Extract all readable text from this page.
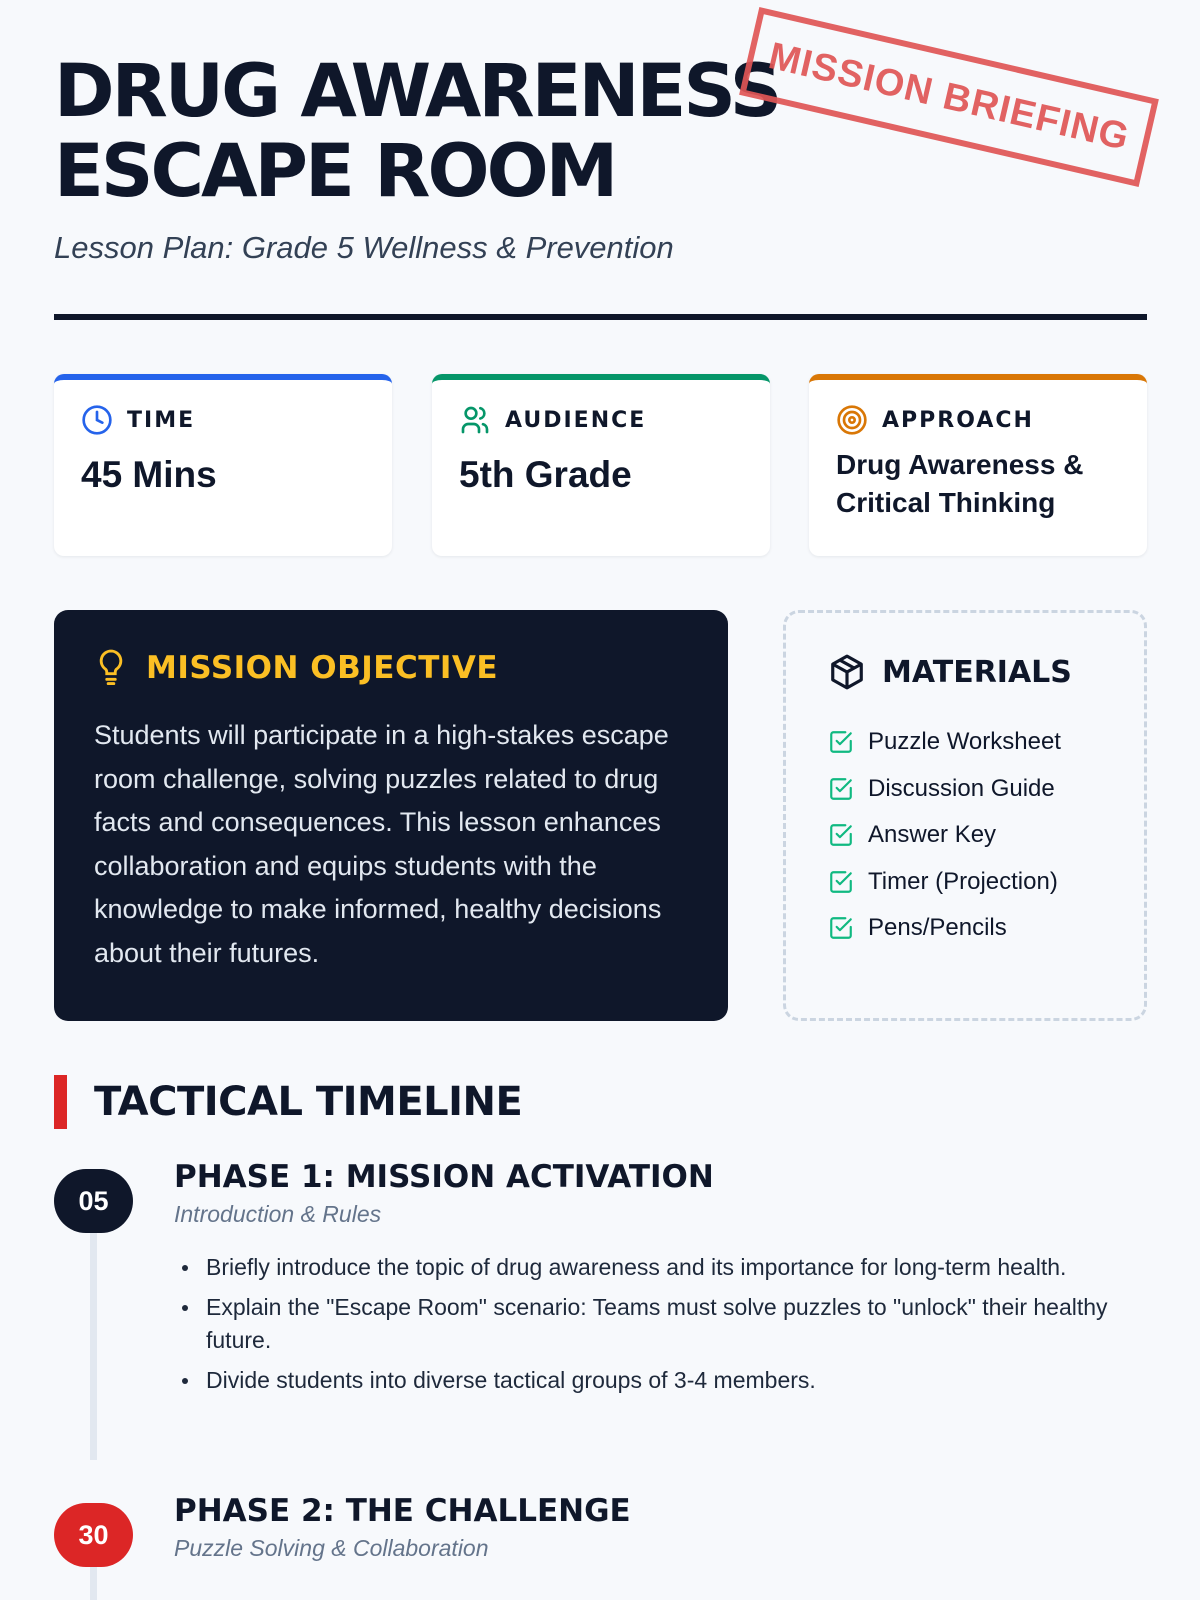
DRUG AWARENESS
ESCAPE ROOM
MISSION BRIEFING
Lesson Plan: Grade 5 Wellness & Prevention
TIME
45 Mins
AUDIENCE
5th Grade
APPROACH
Drug Awareness &
Critical Thinking
MISSION OBJECTIVE

Students will participate in a high-stakes escape room challenge, solving puzzles related to drug facts and consequences. This lesson enhances collaboration and equips students with the knowledge to make informed, healthy decisions about their futures.

MATERIALS
Puzzle Worksheet
Discussion Guide
Answer Key
Timer (Projection)
Pens/Pencils
TACTICAL TIMELINE
05
PHASE 1: MISSION ACTIVATION
Introduction & Rules
Briefly introduce the topic of drug awareness and its importance for long-term health.
Explain the "Escape Room" scenario: Teams must solve puzzles to "unlock" their healthy future.
Divide students into diverse tactical groups of 3-4 members.
30
PHASE 2: THE CHALLENGE
Puzzle Solving & Collaboration
